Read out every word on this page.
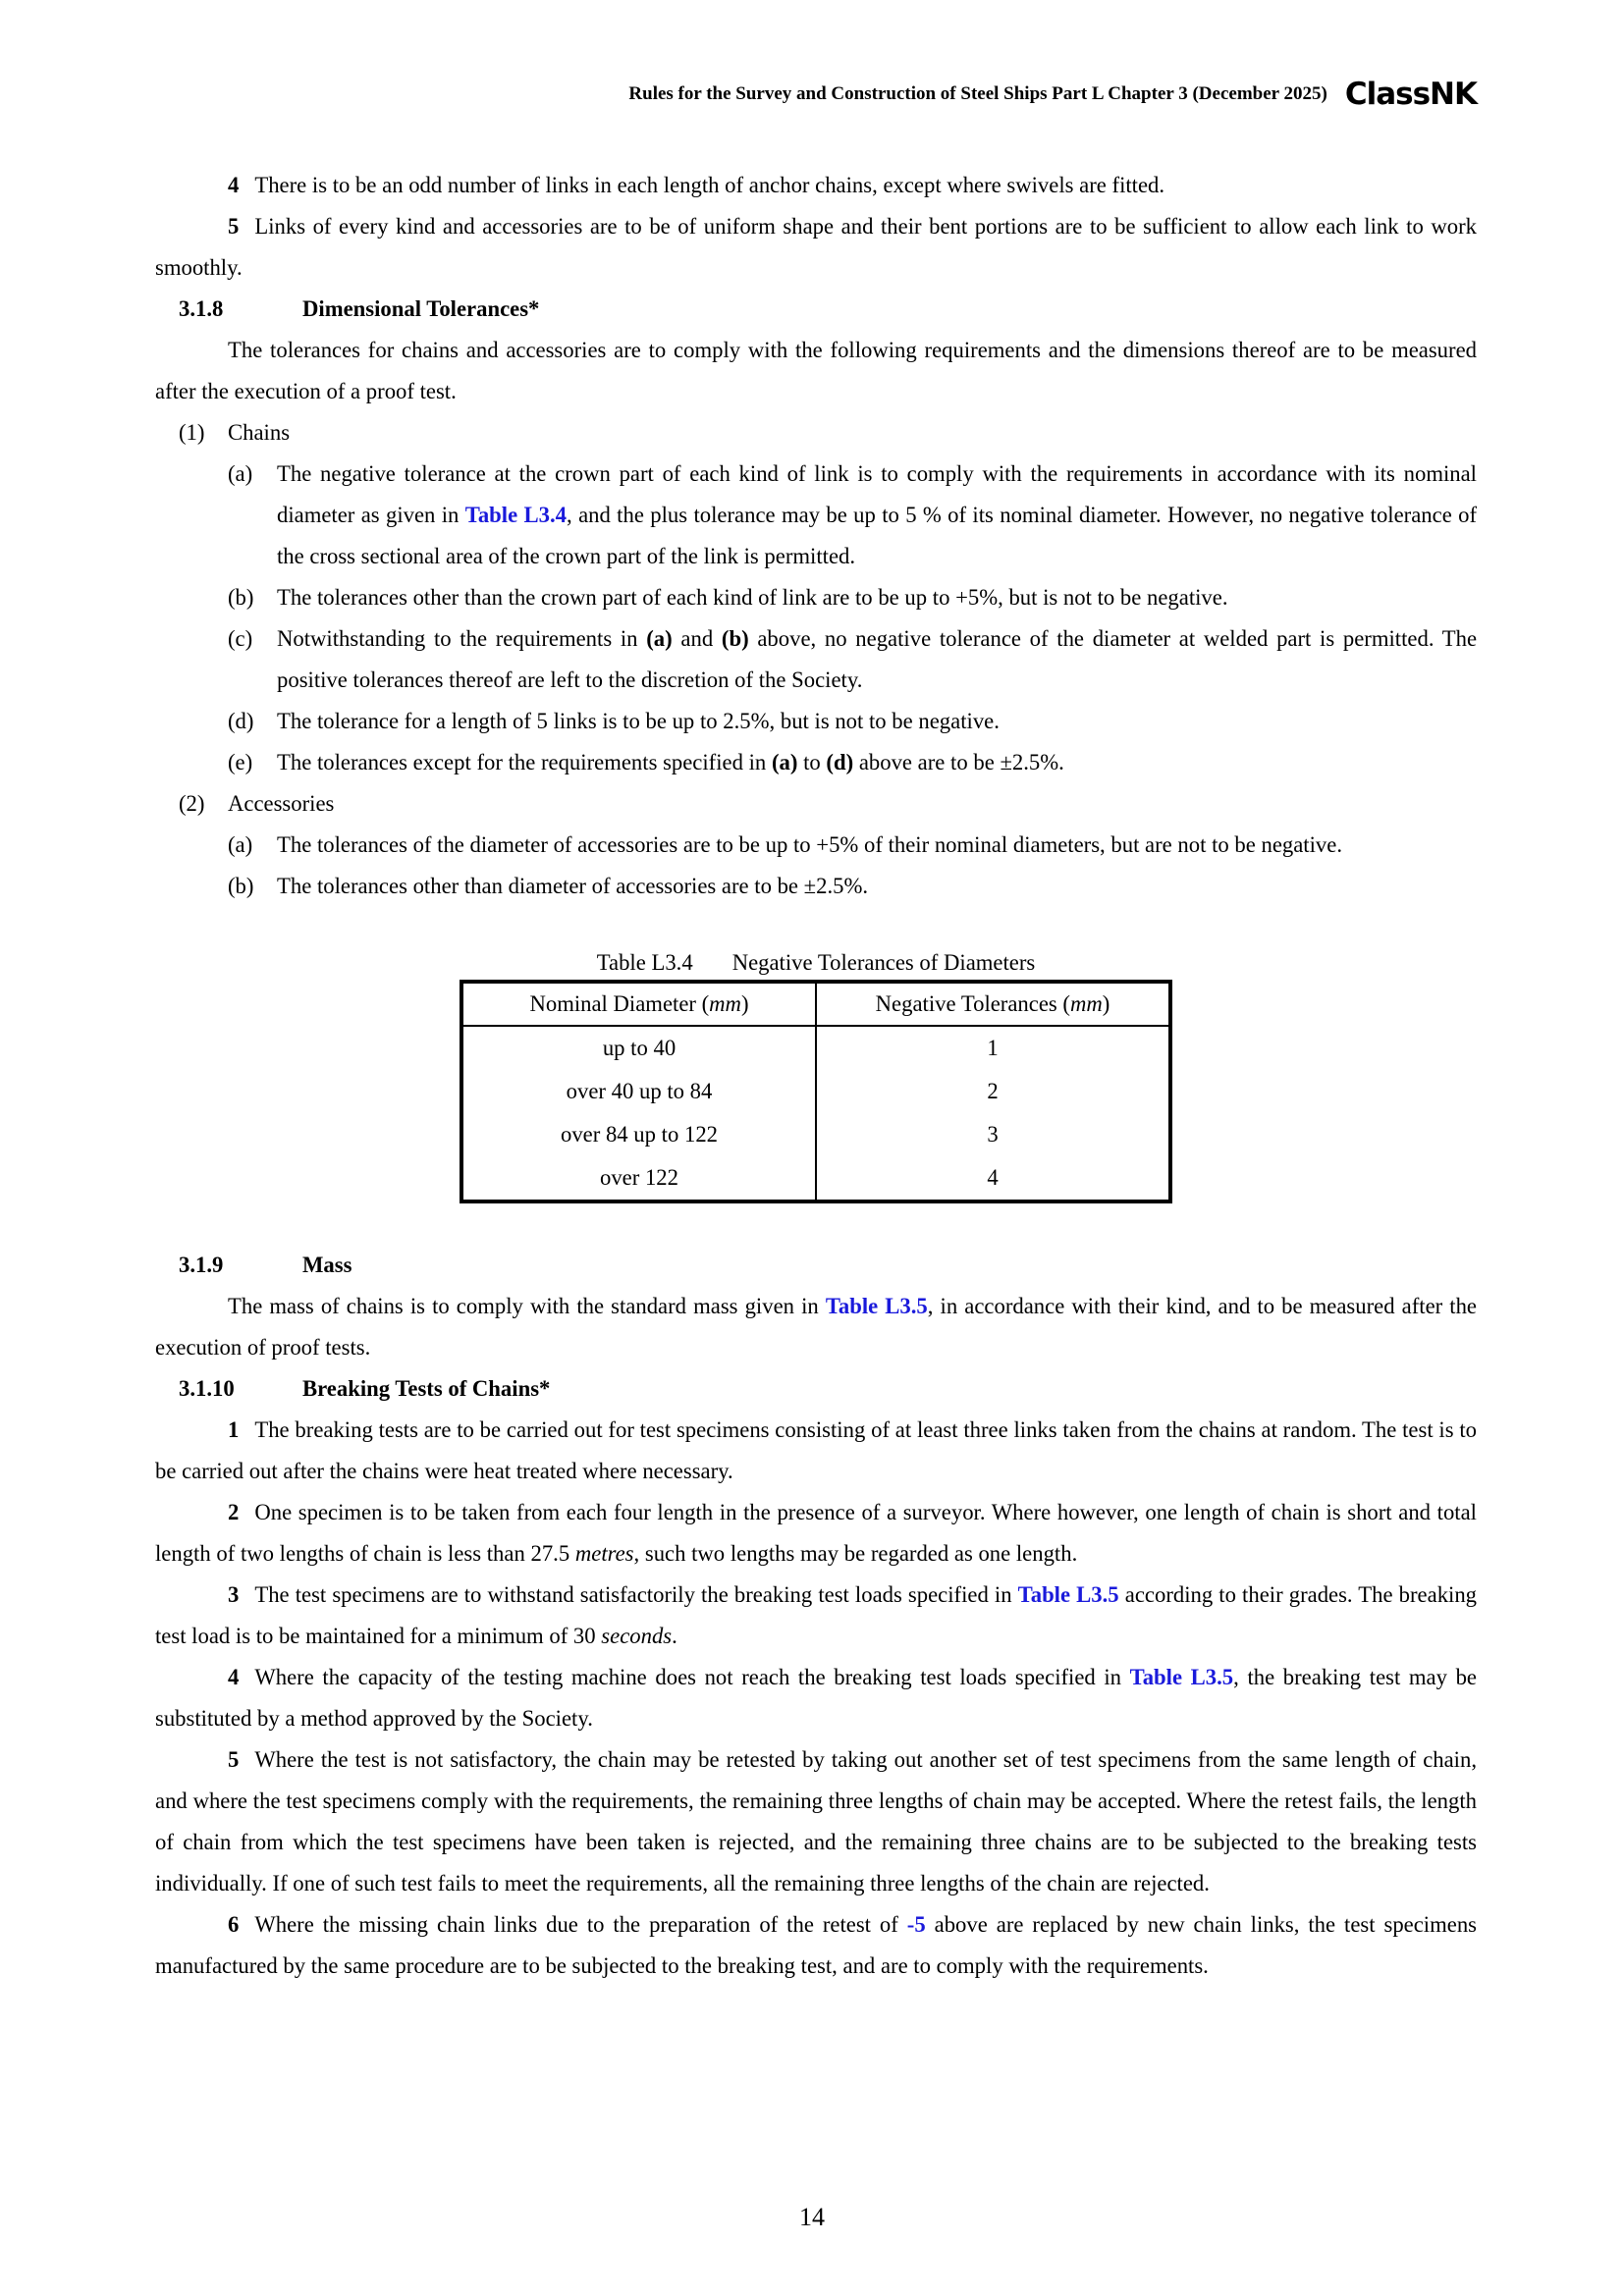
Rules for the Survey and Construction of Steel Ships Part L Chapter 3 (December 2025) ClassNK

4 There is to be an odd number of links in each length of anchor chains, except where swivels are fitted.

5 Links of every kind and accessories are to be of uniform shape and their bent portions are to be sufficient to allow each link to work smoothly.

3.1.8	Dimensional Tolerances*

The tolerances for chains and accessories are to comply with the following requirements and the dimensions thereof are to be measured after the execution of a proof test.

(1) Chains

(a) The negative tolerance at the crown part of each kind of link is to comply with the requirements in accordance with its nominal diameter as given in Table L3.4, and the plus tolerance may be up to 5 % of its nominal diameter. However, no negative tolerance of the cross sectional area of the crown part of the link is permitted.

(b) The tolerances other than the crown part of each kind of link are to be up to +5%, but is not to be negative.

(c) Notwithstanding to the requirements in (a) and (b) above, no negative tolerance of the diameter at welded part is permitted. The positive tolerances thereof are left to the discretion of the Society.

(d) The tolerance for a length of 5 links is to be up to 2.5%, but is not to be negative.

(e) The tolerances except for the requirements specified in (a) to (d) above are to be ±2.5%.

(2) Accessories

(a) The tolerances of the diameter of accessories are to be up to +5% of their nominal diameters, but are not to be negative.

(b) The tolerances other than diameter of accessories are to be ±2.5%.

Table L3.4 Negative Tolerances of Diameters

Nominal Diameter (mm)	Negative Tolerances (mm)
up to 40	1
over 40 up to 84	2
over 84 up to 122	3
over 122	4

3.1.9	Mass

The mass of chains is to comply with the standard mass given in Table L3.5, in accordance with their kind, and to be measured after the execution of proof tests.

3.1.10	Breaking Tests of Chains*

1 The breaking tests are to be carried out for test specimens consisting of at least three links taken from the chains at random. The test is to be carried out after the chains were heat treated where necessary.

2 One specimen is to be taken from each four length in the presence of a surveyor. Where however, one length of chain is short and total length of two lengths of chain is less than 27.5 metres, such two lengths may be regarded as one length.

3 The test specimens are to withstand satisfactorily the breaking test loads specified in Table L3.5 according to their grades. The breaking test load is to be maintained for a minimum of 30 seconds.

4 Where the capacity of the testing machine does not reach the breaking test loads specified in Table L3.5, the breaking test may be substituted by a method approved by the Society.

5 Where the test is not satisfactory, the chain may be retested by taking out another set of test specimens from the same length of chain, and where the test specimens comply with the requirements, the remaining three lengths of chain may be accepted. Where the retest fails, the length of chain from which the test specimens have been taken is rejected, and the remaining three chains are to be subjected to the breaking tests individually. If one of such test fails to meet the requirements, all the remaining three lengths of the chain are rejected.

6 Where the missing chain links due to the preparation of the retest of -5 above are replaced by new chain links, the test specimens manufactured by the same procedure are to be subjected to the breaking test, and are to comply with the requirements.

14
